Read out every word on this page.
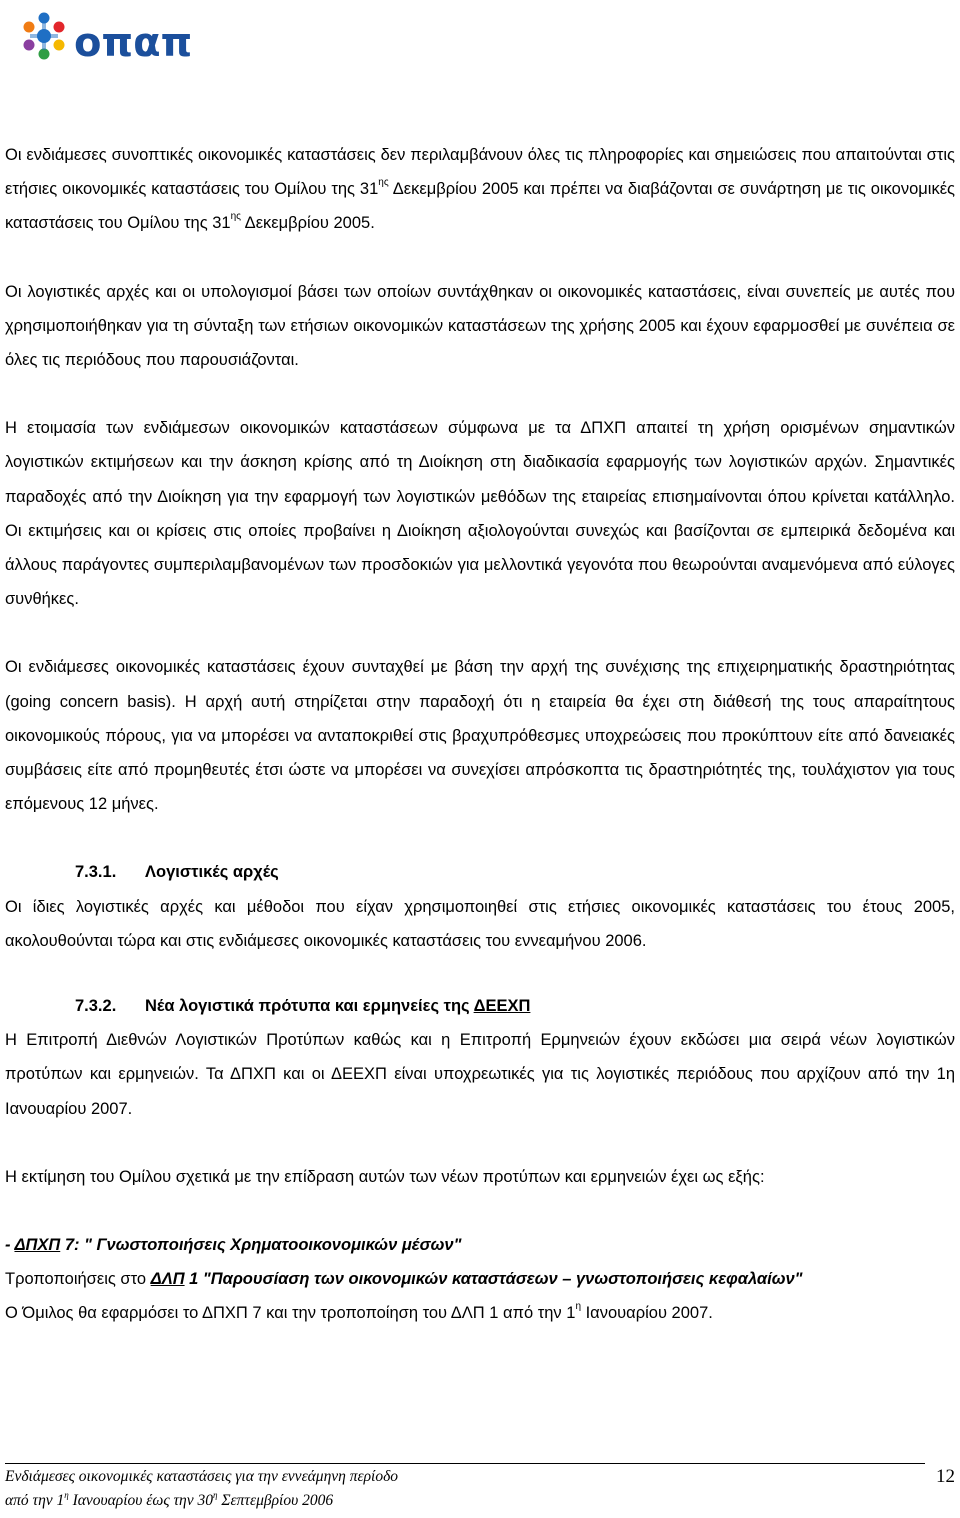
οπαπ

Οι ενδιάμεσες συνοπτικές οικονομικές καταστάσεις δεν περιλαμβάνουν όλες τις πληροφορίες και σημειώσεις που απαιτούνται στις ετήσιες οικονομικές καταστάσεις του Ομίλου της $31^{\eta\varsigma}$ Δεκεμβρίου 2005 και πρέπει να διαβάζονται σε συνάρτηση με τις οικονομικές καταστάσεις του Ομίλου της $31^{\eta\varsigma}$ Δεκεμβρίου 2005.

Οι λογιστικές αρχές και οι υπολογισμοί βάσει των οποίων συντάχθηκαν οι οικονομικές καταστάσεις, είναι συνεπείς με αυτές που χρησιμοποιήθηκαν για τη σύνταξη των ετήσιων οικονομικών καταστάσεων της χρήσης 2005 και έχουν εφαρμοσθεί με συνέπεια σε όλες τις περιόδους που παρουσιάζονται.

Η ετοιμασία των ενδιάμεσων οικονομικών καταστάσεων σύμφωνα με τα ΔΠΧΠ απαιτεί τη χρήση ορισμένων σημαντικών λογιστικών εκτιμήσεων και την άσκηση κρίσης από τη Διοίκηση στη διαδικασία εφαρμογής των λογιστικών αρχών. Σημαντικές παραδοχές από την Διοίκηση για την εφαρμογή των λογιστικών μεθόδων της εταιρείας επισημαίνονται όπου κρίνεται κατάλληλο. Οι εκτιμήσεις και οι κρίσεις στις οποίες προβαίνει η Διοίκηση αξιολογούνται συνεχώς και βασίζονται σε εμπειρικά δεδομένα και άλλους παράγοντες συμπεριλαμβανομένων των προσδοκιών για μελλοντικά γεγονότα που θεωρούνται αναμενόμενα από εύλογες συνθήκες.

Οι ενδιάμεσες οικονομικές καταστάσεις έχουν συνταχθεί με βάση την αρχή της συνέχισης της επιχειρηματικής δραστηριότητας (going concern basis). Η αρχή αυτή στηρίζεται στην παραδοχή ότι η εταιρεία θα έχει στη διάθεσή της τους απαραίτητους οικονομικούς πόρους, για να μπορέσει να ανταποκριθεί στις βραχυπρόθεσμες υποχρεώσεις που προκύπτουν είτε από δανειακές συμβάσεις είτε από προμηθευτές έτσι ώστε να μπορέσει να συνεχίσει απρόσκοπτα τις δραστηριότητές της, τουλάχιστον για τους επόμενους 12 μήνες.

7.3.1. Λογιστικές αρχές

Οι ίδιες λογιστικές αρχές και μέθοδοι που είχαν χρησιμοποιηθεί στις ετήσιες οικονομικές καταστάσεις του έτους 2005, ακολουθούνται τώρα και στις ενδιάμεσες οικονομικές καταστάσεις του εννεαμήνου 2006.

7.3.2. Νέα λογιστικά πρότυπα και ερμηνείες της ΔΕΕΧΠ

Η Επιτροπή Διεθνών Λογιστικών Προτύπων καθώς και η Επιτροπή Ερμηνειών έχουν εκδώσει μια σειρά νέων λογιστικών προτύπων και ερμηνειών. Τα ΔΠΧΠ και οι ΔΕΕΧΠ είναι υποχρεωτικές για τις λογιστικές περιόδους που αρχίζουν από την 1η Ιανουαρίου 2007.

Η εκτίμηση του Ομίλου σχετικά με την επίδραση αυτών των νέων προτύπων και ερμηνειών έχει ως εξής:

- ΔΠΧΠ 7: " Γνωστοποιήσεις Χρηματοοικονομικών μέσων"

Τροποποιήσεις στο ΔΛΠ 1 "Παρουσίαση των οικονομικών καταστάσεων – γνωστοποιήσεις κεφαλαίων"

Ο Όμιλος θα εφαρμόσει το ΔΠΧΠ 7 και την τροποποίηση του ΔΛΠ 1 από την $1^\eta$ Ιανουαρίου 2007.

Ενδιάμεσες οικονομικές καταστάσεις για την εννεάμηνη περίοδο
από την $1^\eta$ Ιανουαρίου έως την $30^\eta$ Σεπτεμβρίου 2006
12
